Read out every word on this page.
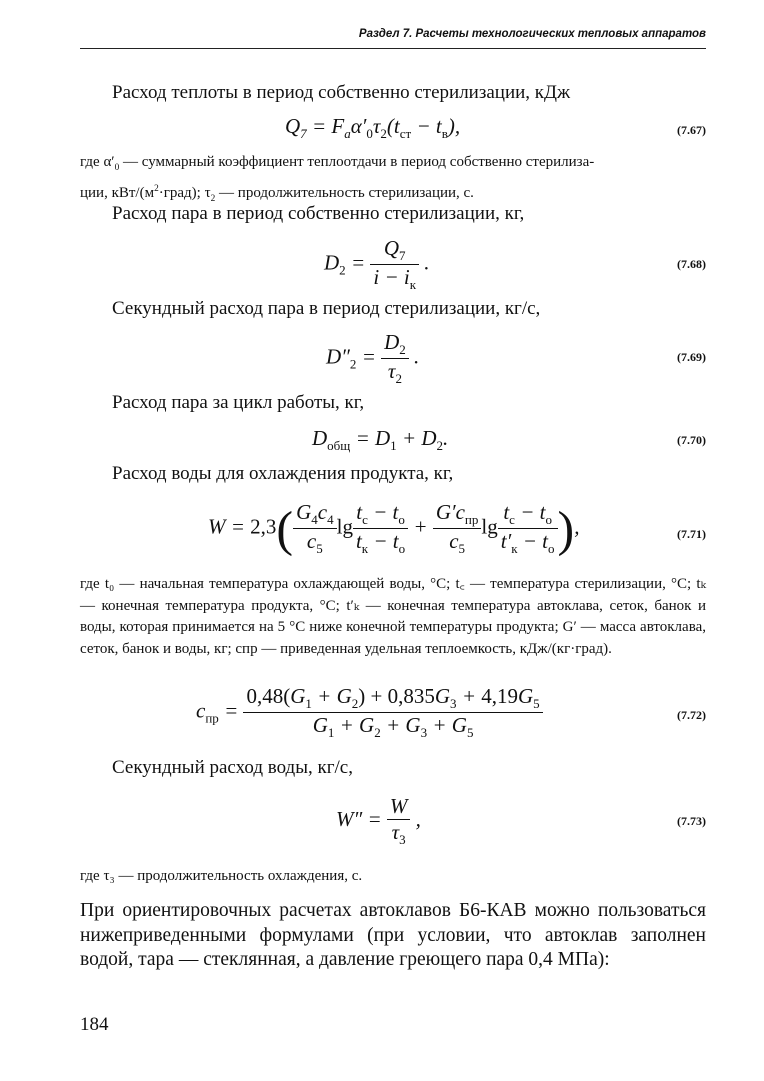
Раздел 7. Расчеты технологических тепловых аппаратов
Расход теплоты в период собственно стерилизации, кДж
$Q_7 = F_a\alpha'_0\tau_2(t_{ст} - t_в)$,	(7.67)
где $\alpha'_0$ — суммарный коэффициент теплоотдачи в период собственно стерилиза-
ции, кВт/$(м^2\cdot град)$; $\tau_2$ — продолжительность стерилизации, с.
Расход пара в период собственно стерилизации, кг,
$D_2 = \frac{Q_7}{i - i_к}$ .	(7.68)
Секундный расход пара в период стерилизации, кг/с,
$D''_2 = \frac{D_2}{\tau_2}$ .	(7.69)
Расход пара за цикл работы, кг,
$D_{общ} = D_1 + D_2$.	(7.70)
Расход воды для охлаждения продукта, кг,
$W = 2,3( \frac{G_4c_4}{c_5}$ $\lg \frac{t_c - t_o}{t_к - t_o} + \frac{G'c_{пр}}{c_5}$ $\lg \frac{t_c - t_o}{t'_к - t_o}$ ),	(7.71)
где t₀ — начальная температура охлаждающей воды, °С; t꜀ — температура стерилизации, °С; tₖ — конечная температура продукта, °С; t′ₖ — конечная температура автоклава, сеток, банок и воды, которая принимается на 5 °С ниже конечной температуры продукта; G′ — масса автоклава, сеток, банок и воды, кг; cпр — приведенная удельная теплоемкость, кДж/(кг·град).
$c_{пр} = \frac{0,48(G_1 + G_2) + 0,835G_3 + 4,19G_5}{G_1 + G_2 + G_3 + G_5}$	(7.72)
Секундный расход воды, кг/с,
$W'' = \frac{W}{\tau_3}$ ,	(7.73)
где τ₃ — продолжительность охлаждения, с.
При ориентировочных расчетах автоклавов Б6-КАВ можно пользоваться нижеприведенными формулами (при условии, что автоклав заполнен водой, тара — стеклянная, а давление греющего пара 0,4 МПа):
184
